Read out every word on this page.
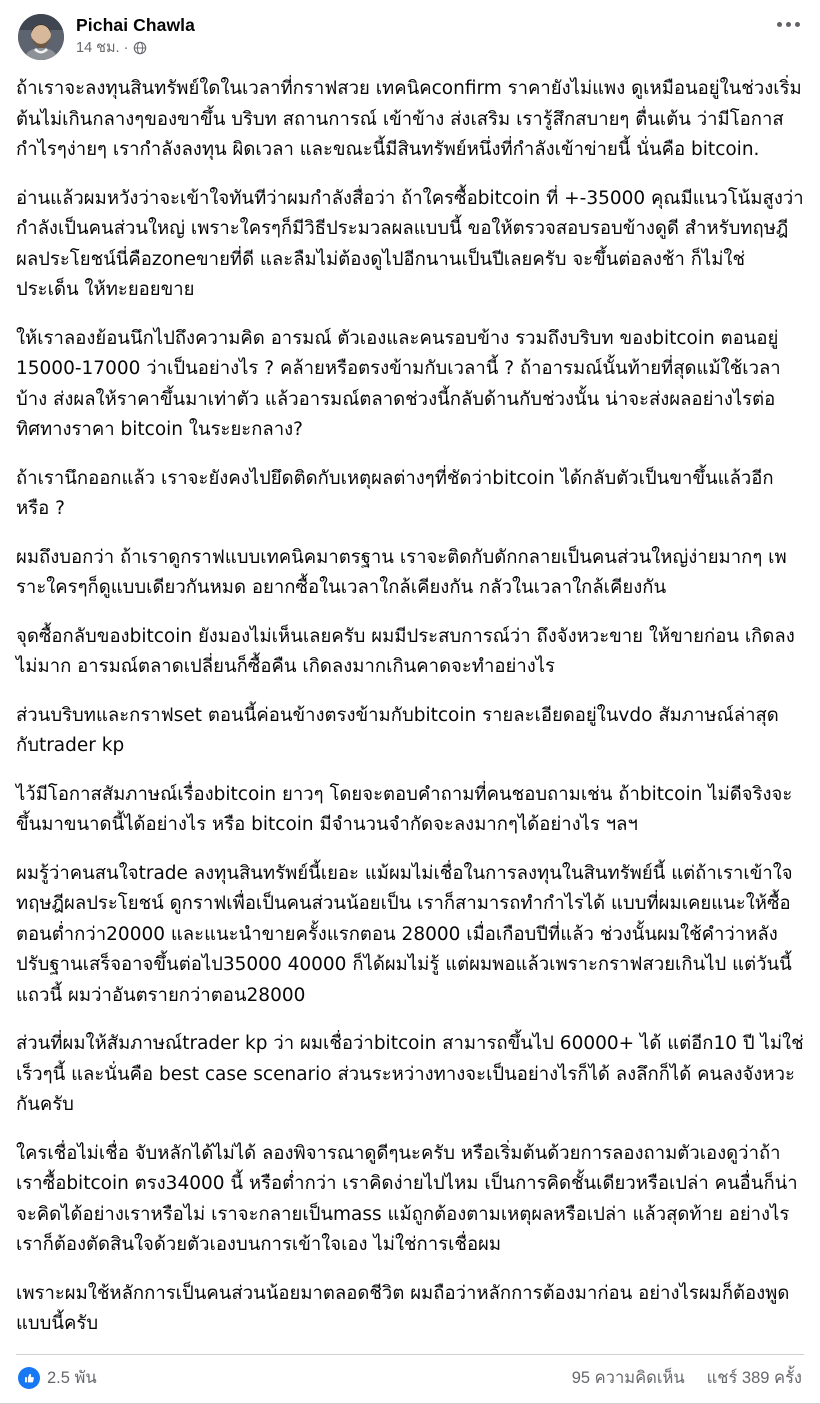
Pichai Chawla
14 ชม. ·

ถ้าเราจะลงทุนสินทรัพย์ใดในเวลาที่กราฟสวย เทคนิคconfirm ราคายังไม่แพง ดูเหมือนอยู่ในช่วงเริ่มต้นไม่เกินกลางๆของขาขึ้น บริบท สถานการณ์ เข้าข้าง ส่งเสริม เรารู้สึกสบายๆ ตื่นเต้น ว่ามีโอกาสกำไรๆง่ายๆ เรากำลังลงทุน ผิดเวลา และขณะนี้มีสินทรัพย์หนึ่งที่กำลังเข้าข่ายนี้ นั่นคือ bitcoin.

อ่านแล้วผมหวังว่าจะเข้าใจทันทีว่าผมกำลังสื่อว่า ถ้าใครซื้อbitcoin ที่ +-35000 คุณมีแนวโน้มสูงว่ากำลังเป็นคนส่วนใหญ่ เพราะใครๆก็มีวิธีประมวลผลแบบนี้ ขอให้ตรวจสอบรอบข้างดูดี สำหรับทฤษฎีผลประโยชน์นี่คือzoneขายที่ดี และลืมไม่ต้องดูไปอีกนานเป็นปีเลยครับ จะขึ้นต่อลงช้า ก็ไม่ใช่ประเด็น ให้ทะยอยขาย

ให้เราลองย้อนนึกไปถึงความคิด อารมณ์ ตัวเองและคนรอบข้าง รวมถึงบริบท ของbitcoin ตอนอยู่ 15000-17000 ว่าเป็นอย่างไร ? คล้ายหรือตรงข้ามกับเวลานี้ ? ถ้าอารมณ์นั้นท้ายที่สุดแม้ใช้เวลาบ้าง ส่งผลให้ราคาขึ้นมาเท่าตัว แล้วอารมณ์ตลาดช่วงนี้กลับด้านกับช่วงนั้น น่าจะส่งผลอย่างไรต่อทิศทางราคา bitcoin ในระยะกลาง?

ถ้าเรานึกออกแล้ว เราจะยังคงไปยึดติดกับเหตุผลต่างๆที่ชัดว่าbitcoin ได้กลับตัวเป็นขาขึ้นแล้วอีกหรือ ?

ผมถึงบอกว่า ถ้าเราดูกราฟแบบเทคนิคมาตรฐาน เราจะติดกับดักกลายเป็นคนส่วนใหญ่ง่ายมากๆ เพราะใครๆก็ดูแบบเดียวกันหมด อยากซื้อในเวลาใกล้เคียงกัน กลัวในเวลาใกล้เคียงกัน

จุดซื้อกลับของbitcoin ยังมองไม่เห็นเลยครับ ผมมีประสบการณ์ว่า ถึงจังหวะขาย ให้ขายก่อน เกิดลงไม่มาก อารมณ์ตลาดเปลี่ยนก็ซื้อคืน เกิดลงมากเกินคาดจะทำอย่างไร

ส่วนบริบทและกราฟset ตอนนี้ค่อนข้างตรงข้ามกับbitcoin รายละเอียดอยู่ในvdo สัมภาษณ์ล่าสุดกับtrader kp

ไว้มีโอกาสสัมภาษณ์เรื่องbitcoin ยาวๆ โดยจะตอบคำถามที่คนชอบถามเช่น ถ้าbitcoin ไม่ดีจริงจะขึ้นมาขนาดนี้ได้อย่างไร หรือ bitcoin มีจำนวนจำกัดจะลงมากๆได้อย่างไร ฯลฯ

ผมรู้ว่าคนสนใจtrade ลงทุนสินทรัพย์นี้เยอะ แม้ผมไม่เชื่อในการลงทุนในสินทรัพย์นี้ แต่ถ้าเราเข้าใจทฤษฎีผลประโยชน์ ดูกราฟเพื่อเป็นคนส่วนน้อยเป็น เราก็สามารถทำกำไรได้ แบบที่ผมเคยแนะให้ซื้อตอนต่ำกว่า20000 และแนะนำขายครั้งแรกตอน 28000 เมื่อเกือบปีที่แล้ว ช่วงนั้นผมใช้คำว่าหลังปรับฐานเสร็จอาจขึ้นต่อไป35000 40000 ก็ได้ผมไม่รู้ แต่ผมพอแล้วเพราะกราฟสวยเกินไป แต่วันนี้ แถวนี้ ผมว่าอันตรายกว่าตอน28000

ส่วนที่ผมให้สัมภาษณ์trader kp ว่า ผมเชื่อว่าbitcoin สามารถขึ้นไป 60000+ ได้ แต่อีก10 ปี ไม่ใช่เร็วๆนี้ และนั่นคือ best case scenario ส่วนระหว่างทางจะเป็นอย่างไรก็ได้ ลงลึกก็ได้ คนลงจังหวะกันครับ

ใครเชื่อไม่เชื่อ จับหลักได้ไม่ได้ ลองพิจารณาดูดีๆนะครับ หรือเริ่มต้นด้วยการลองถามตัวเองดูว่าถ้าเราซื้อbitcoin ตรง34000 นี้ หรือต่ำกว่า เราคิดง่ายไปไหม เป็นการคิดชั้นเดียวหรือเปล่า คนอื่นก็น่าจะคิดได้อย่างเราหรือไม่ เราจะกลายเป็นmass แม้ถูกต้องตามเหตุผลหรือเปล่า แล้วสุดท้าย อย่างไรเราก็ต้องตัดสินใจด้วยตัวเองบนการเข้าใจเอง ไม่ใช่การเชื่อผม

เพราะผมใช้หลักการเป็นคนส่วนน้อยมาตลอดชีวิต ผมถือว่าหลักการต้องมาก่อน อย่างไรผมก็ต้องพูดแบบนี้ครับ

2.5 พัน	95 ความคิดเห็น แชร์ 389 ครั้ง
